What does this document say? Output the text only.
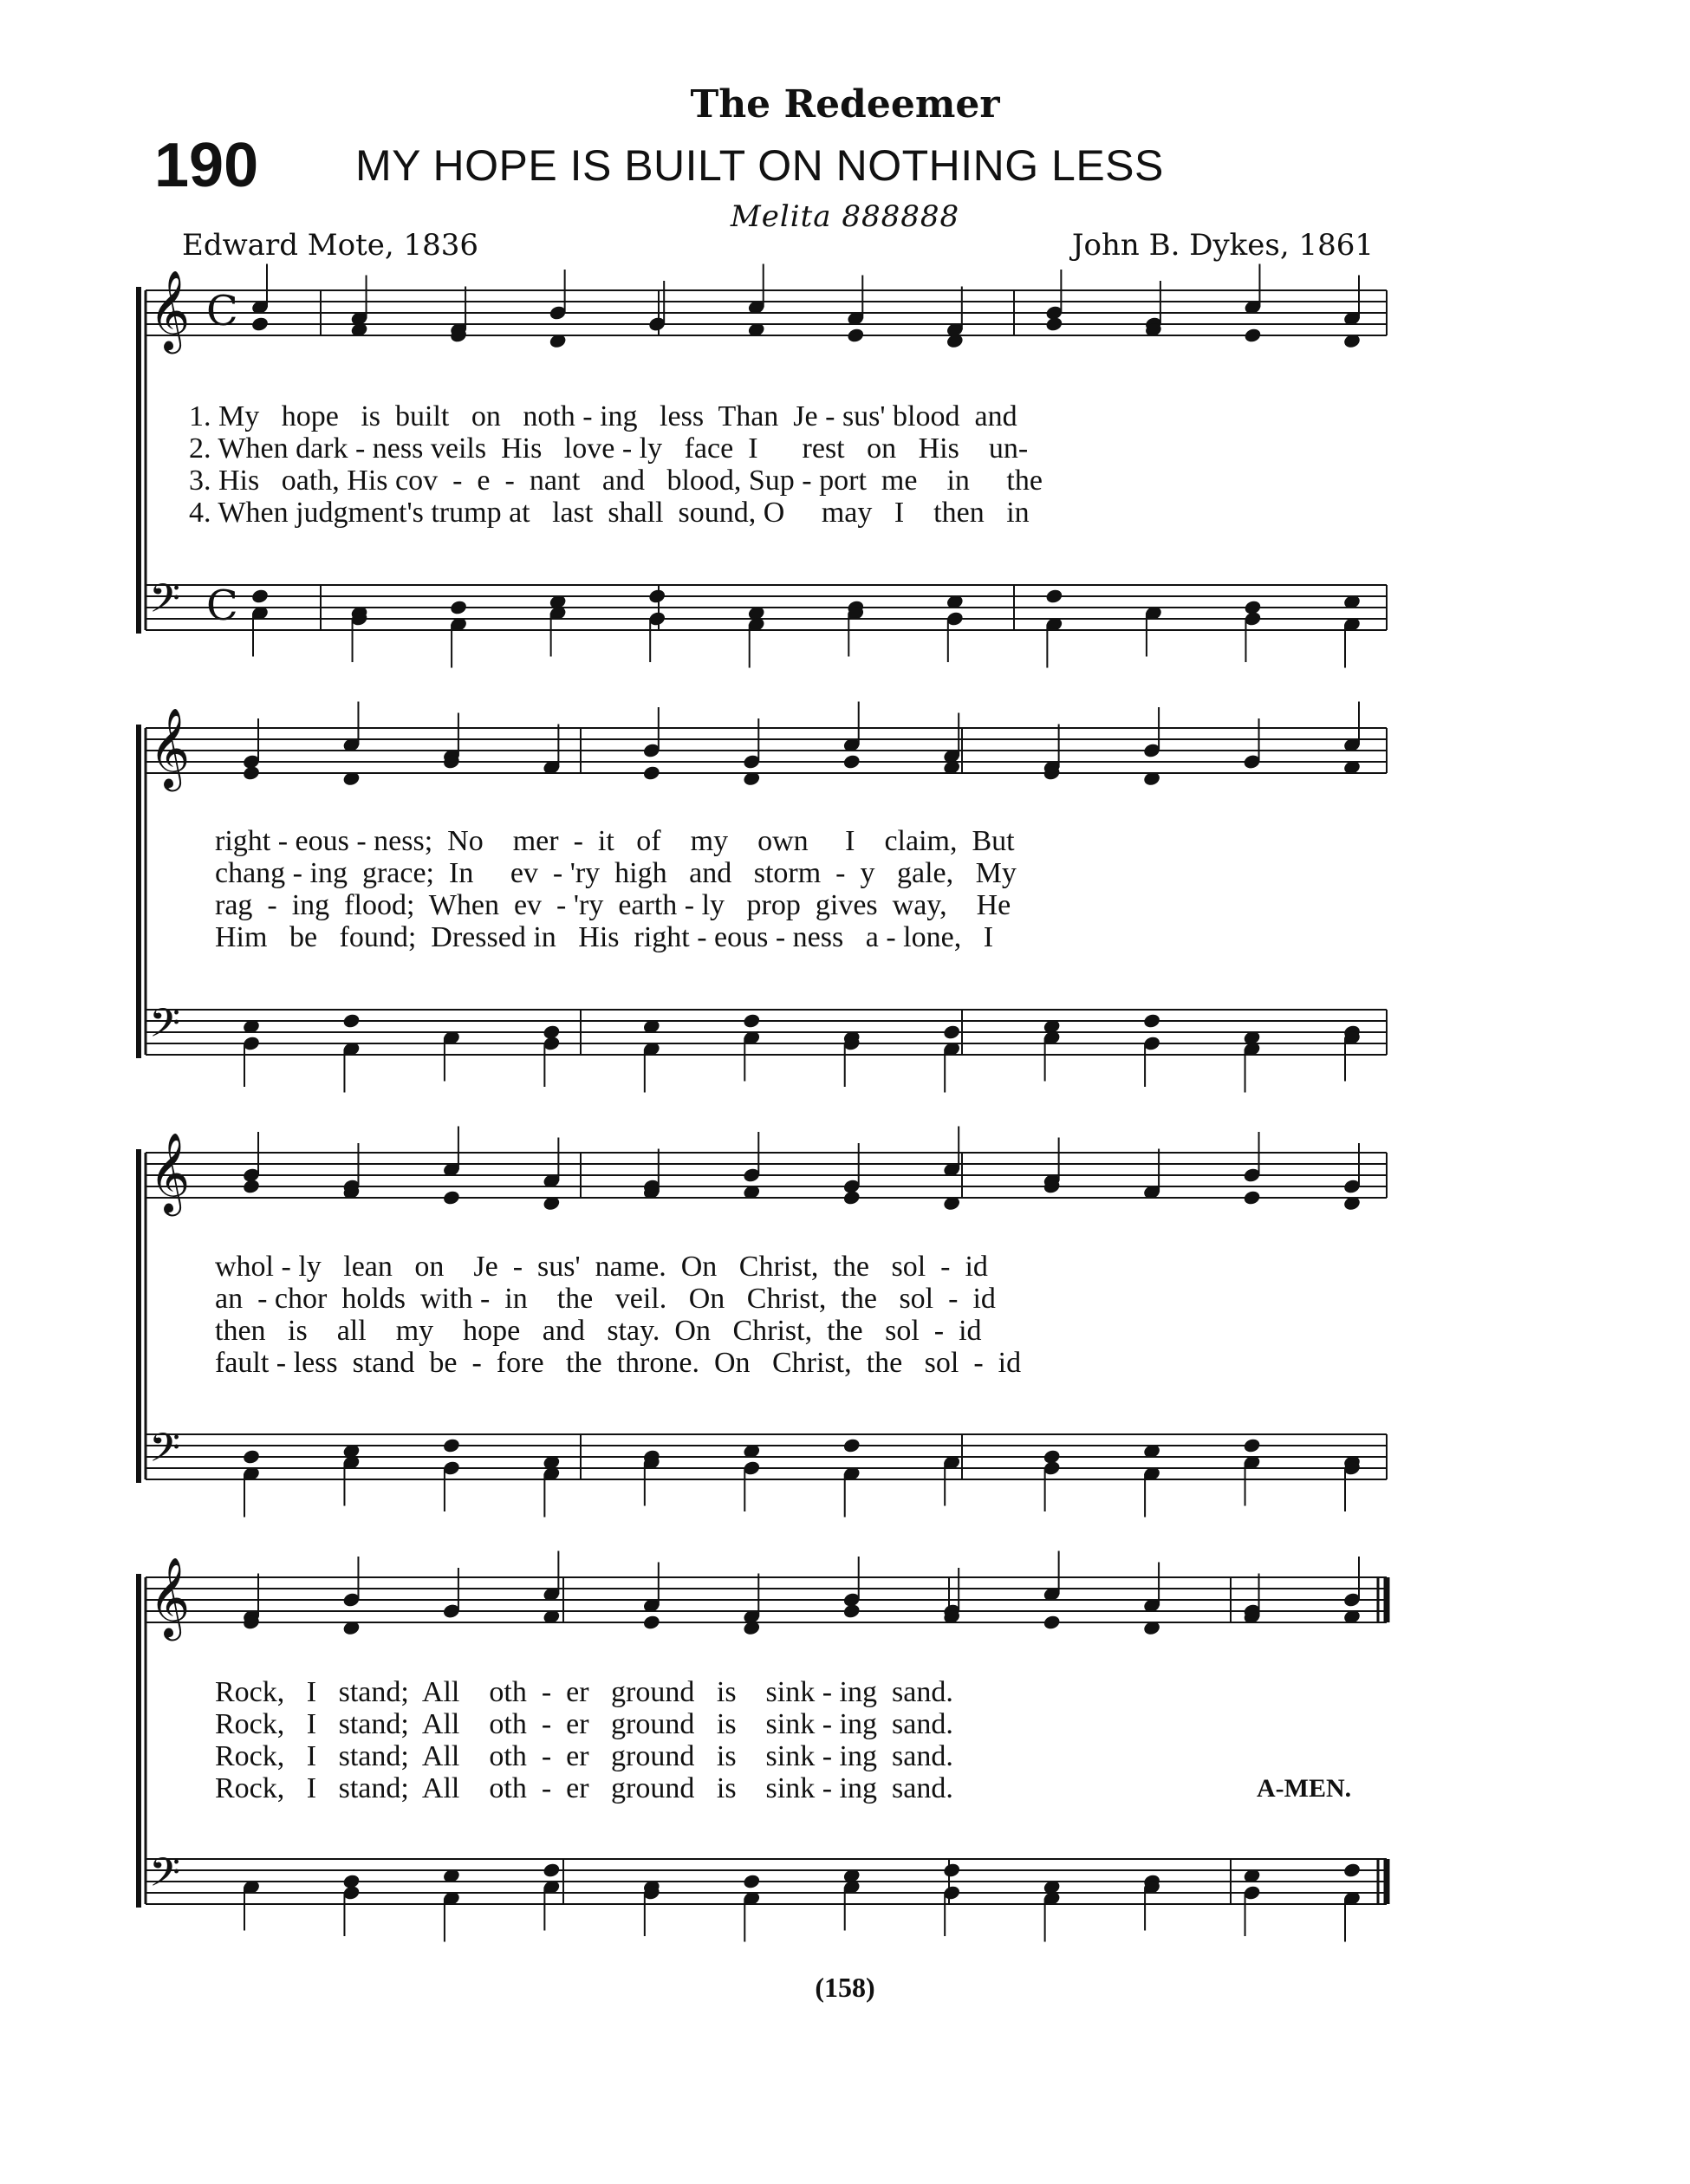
The Redeemer
190 MY HOPE IS BUILT ON NOTHING LESS
Melita 888888
Edward Mote, 1836	John B. Dykes, 1861
𝄞 C
𝄢 C
𝄞
𝄢
𝄞
𝄢
𝄞
𝄢
1. My   hope   is  built   on   noth - ing   less  Than  Je - sus' blood  and
2. When dark - ness veils  His   love - ly   face  I      rest   on   His    un-
3. His   oath, His cov  -  e  -  nant   and   blood, Sup - port  me    in     the
4. When judgment's trump at   last  shall  sound, O     may   I    then   in
right - eous - ness;  No    mer  -  it   of    my    own     I    claim,  But
chang - ing  grace;  In     ev  - 'ry  high   and   storm  -  y   gale,   My
rag  -  ing  flood;  When  ev  - 'ry  earth - ly   prop  gives  way,    He
Him   be   found;  Dressed in   His  right - eous - ness   a - lone,   I
whol - ly   lean   on    Je  -  sus'  name.  On   Christ,  the   sol  -  id
an  - chor  holds  with -  in    the   veil.   On   Christ,  the   sol  -  id
then   is    all    my    hope   and   stay.  On   Christ,  the   sol  -  id
fault - less  stand  be  -  fore   the  throne.  On   Christ,  the   sol  -  id
Rock,   I   stand;  All    oth  -  er   ground   is    sink - ing  sand.
Rock,   I   stand;  All    oth  -  er   ground   is    sink - ing  sand.
Rock,   I   stand;  All    oth  -  er   ground   is    sink - ing  sand.
Rock,   I   stand;  All    oth  -  er   ground   is    sink - ing  sand.	A-MEN.
(158)
